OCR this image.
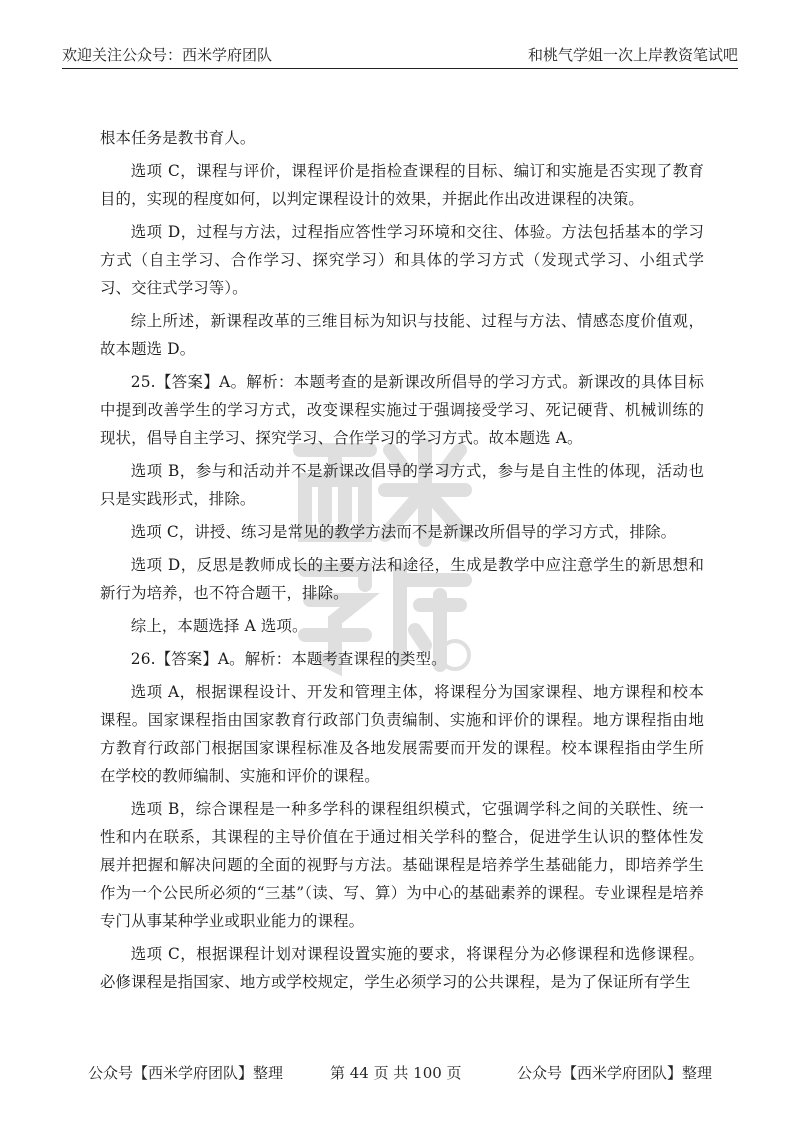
欢迎关注公众号：西米学府团队	和桃气学姐一次上岸教资笔试吧

根本任务是教书育人。

选项 C，课程与评价，课程评价是指检查课程的目标、编订和实施是否实现了教育目的，实现的程度如何，以判定课程设计的效果，并据此作出改进课程的决策。

选项 D，过程与方法，过程指应答性学习环境和交往、体验。方法包括基本的学习方式（自主学习、合作学习、探究学习）和具体的学习方式（发现式学习、小组式学习、交往式学习等）。

综上所述，新课程改革的三维目标为知识与技能、过程与方法、情感态度价值观，故本题选 D。

25.【答案】A。解析：本题考查的是新课改所倡导的学习方式。新课改的具体目标中提到改善学生的学习方式，改变课程实施过于强调接受学习、死记硬背、机械训练的现状，倡导自主学习、探究学习、合作学习的学习方式。故本题选 A。

选项 B，参与和活动并不是新课改倡导的学习方式，参与是自主性的体现，活动也只是实践形式，排除。

选项 C，讲授、练习是常见的教学方法而不是新课改所倡导的学习方式，排除。

选项 D，反思是教师成长的主要方法和途径，生成是教学中应注意学生的新思想和新行为培养，也不符合题干，排除。

综上，本题选择 A 选项。

26.【答案】A。解析：本题考查课程的类型。

选项 A，根据课程设计、开发和管理主体，将课程分为国家课程、地方课程和校本课程。国家课程指由国家教育行政部门负责编制、实施和评价的课程。地方课程指由地方教育行政部门根据国家课程标准及各地发展需要而开发的课程。校本课程指由学生所在学校的教师编制、实施和评价的课程。

选项 B，综合课程是一种多学科的课程组织模式，它强调学科之间的关联性、统一性和内在联系，其课程的主导价值在于通过相关学科的整合，促进学生认识的整体性发展并把握和解决问题的全面的视野与方法。基础课程是培养学生基础能力，即培养学生作为一个公民所必须的“三基”（读、写、算）为中心的基础素养的课程。专业课程是培养专门从事某种学业或职业能力的课程。

选项 C，根据课程计划对课程设置实施的要求，将课程分为必修课程和选修课程。必修课程是指国家、地方或学校规定，学生必须学习的公共课程，是为了保证所有学生

公众号【西米学府团队】整理	第 44 页 共 100 页	公众号【西米学府团队】整理
